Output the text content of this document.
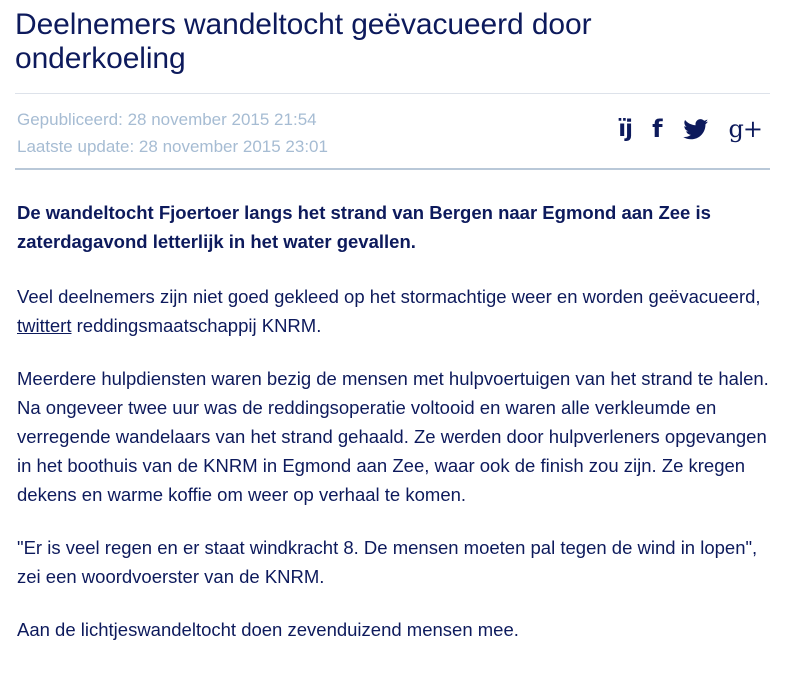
Deelnemers wandeltocht geëvacueerd door onderkoeling
Gepubliceerd: 28 november 2015 21:54
Laatste update: 28 november 2015 23:01
ïj f	g+

De wandeltocht Fjoertoer langs het strand van Bergen naar Egmond aan Zee is zaterdagavond letterlijk in het water gevallen.

Veel deelnemers zijn niet goed gekleed op het stormachtige weer en worden geëvacueerd, twittert reddingsmaatschappij KNRM.

Meerdere hulpdiensten waren bezig de mensen met hulpvoertuigen van het strand te halen. Na ongeveer twee uur was de reddingsoperatie voltooid en waren alle verkleumde en verregende wandelaars van het strand gehaald. Ze werden door hulpverleners opgevangen in het boothuis van de KNRM in Egmond aan Zee, waar ook de finish zou zijn. Ze kregen dekens en warme koffie om weer op verhaal te komen.

"Er is veel regen en er staat windkracht 8. De mensen moeten pal tegen de wind in lopen", zei een woordvoerster van de KNRM.

Aan de lichtjeswandeltocht doen zevenduizend mensen mee.
